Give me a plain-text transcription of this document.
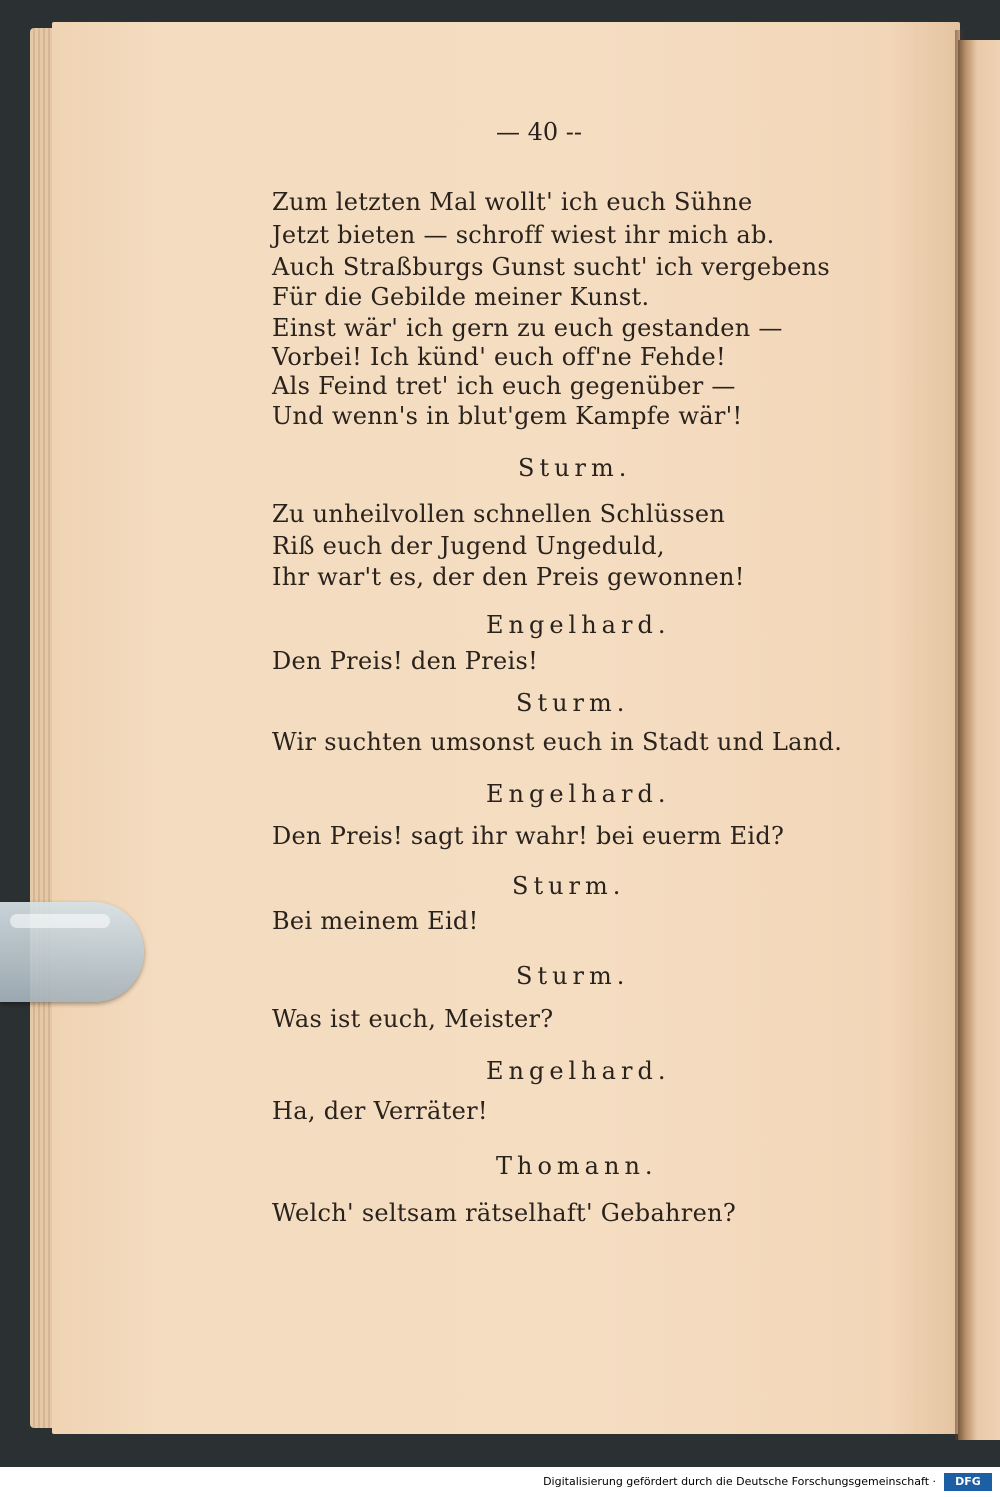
— 40 --
Zum letzten Mal wollt' ich euch Sühne
Jetzt bieten — schroff wiest ihr mich ab.
Auch Straßburgs Gunst sucht' ich vergebens
Für die Gebilde meiner Kunst.
Einst wär' ich gern zu euch gestanden —
Vorbei! Ich künd' euch off'ne Fehde!
Als Feind tret' ich euch gegenüber —
Und wenn's in blut'gem Kampfe wär'!
Sturm.
Zu unheilvollen schnellen Schlüssen
Riß euch der Jugend Ungeduld,
Ihr war't es, der den Preis gewonnen!
Engelhard.
Den Preis! den Preis!
Sturm.
Wir suchten umsonst euch in Stadt und Land.
Engelhard.
Den Preis! sagt ihr wahr! bei euerm Eid?
Sturm.
Bei meinem Eid!
Sturm.
Was ist euch, Meister?
Engelhard.
Ha, der Verräter!
Thomann.
Welch' seltsam rätselhaft' Gebahren?
Digitalisierung gefördert durch die Deutsche Forschungsgemeinschaft ·	DFG
